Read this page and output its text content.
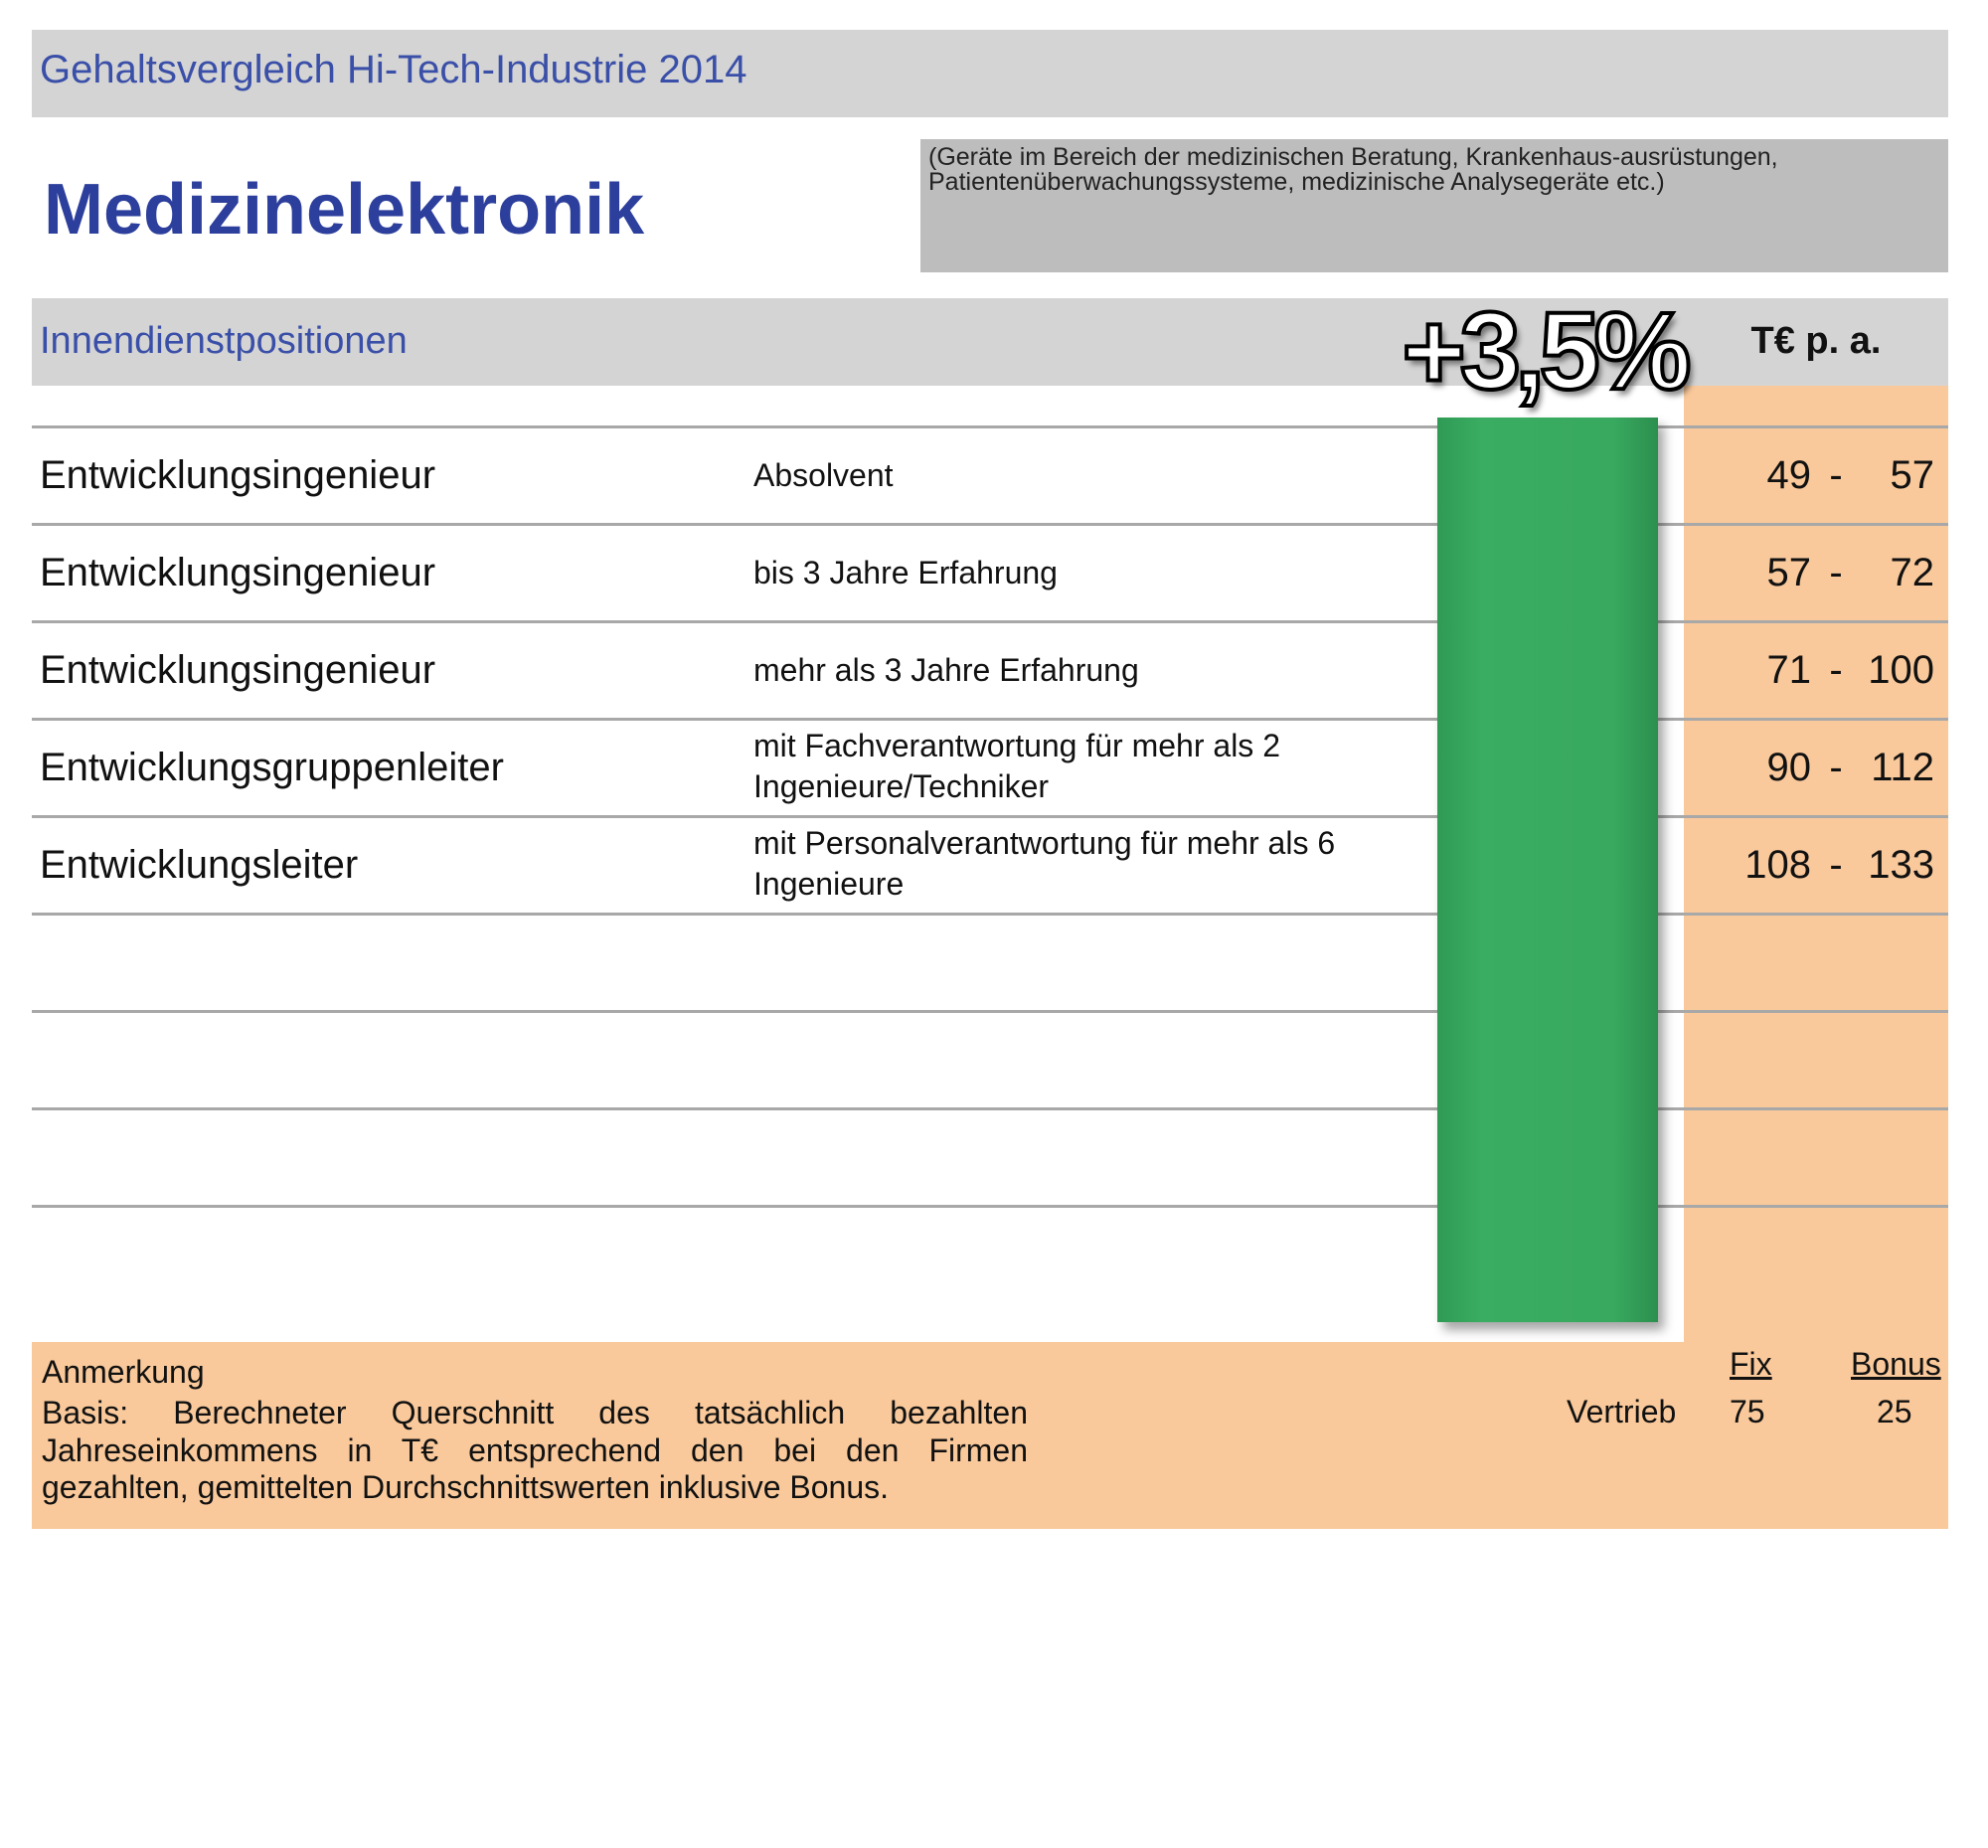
Gehaltsvergleich Hi-Tech-Industrie 2014
Medizinelektronik
(Geräte im Bereich der medizinischen Beratung, Krankenhaus-ausrüstungen, Patientenüberwachungssysteme, medizinische Analysegeräte etc.)
Innendienstpositionen	T€ p. a.
Entwicklungsingenieur	Absolvent	49 -	57
Entwicklungsingenieur	bis 3 Jahre Erfahrung	57 -	72
Entwicklungsingenieur	mehr als 3 Jahre Erfahrung	71 - 100
Entwicklungsgruppenleiter	mit Fachverantwortung für mehr als 2 Ingenieure/Techniker	90 - 112
Entwicklungsleiter	mit Personalverantwortung für mehr als 6 Ingenieure	108 - 133
+3,5%
Anmerkung
Basis: Berechneter Querschnitt des tatsächlich bezahlten Jahreseinkommens in T€ entsprechend den bei den Firmen
gezahlten, gemittelten Durchschnittswerten inklusive Bonus.
Fix Bonus
Vertrieb 75	25
